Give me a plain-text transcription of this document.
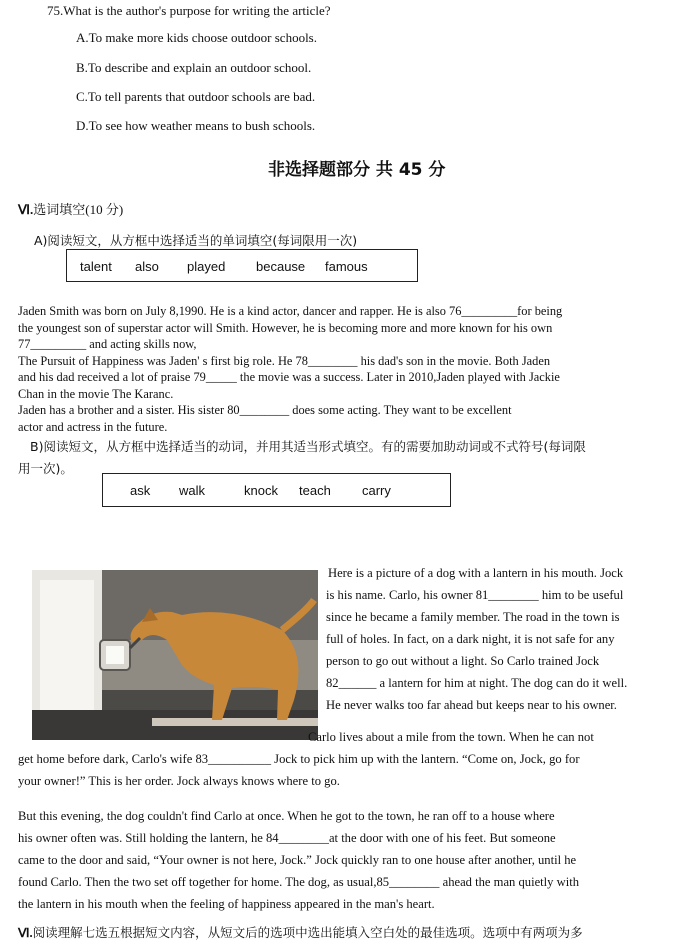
75.What is the author's purpose for writing the article?
A.To make more kids choose outdoor schools.
B.To describe and explain an outdoor school.
C.To tell parents that outdoor schools are bad.
D.To see how weather means to bush schools.
非选择题部分 共 45 分
Ⅵ.选词填空(10 分)
A)阅读短文，从方框中选择适当的单词填空(每词限用一次)
talent also played because famous
Jaden Smith was born on July 8,1990. He is a kind actor, dancer and rapper. He is also 76_________for being
the youngest son of superstar actor will Smith. However, he is becoming more and more known for his own
77_________ and acting skills now,
The Pursuit of Happiness was Jaden' s first big role. He 78________ his dad's son in the movie. Both Jaden
and his dad received a lot of praise 79_____ the movie was a success. Later in 2010,Jaden played with Jackie
Chan in the movie The Karanc.
Jaden has a brother and a sister. His sister 80________ does some acting. They want to be excellent
actor and actress in the future.
B)阅读短文，从方框中选择适当的动词，并用其适当形式填空。有的需要加助动词或不式符号(每词限
用一次)。
ask walk	knock teach carry
Here is a picture of a dog with a lantern in his mouth. Jock
is his name. Carlo, his owner 81________ him to be useful
since he became a family member. The road in the town is
full of holes. In fact, on a dark night, it is not safe for any
person to go out without a light. So Carlo trained Jock
82______ a lantern for him at night. The dog can do it well.
He never walks too far ahead but keeps near to his owner.
Carlo lives about a mile from the town. When he can not
get home before dark, Carlo's wife 83__________ Jock to pick him up with the lantern. “Come on, Jock, go for
your owner!” This is her order. Jock always knows where to go.
But this evening, the dog couldn't find Carlo at once. When he got to the town, he ran off to a house where
his owner often was. Still holding the lantern, he 84________at the door with one of his feet. But someone
came to the door and said, “Your owner is not here, Jock.” Jock quickly ran to one house after another, until he
found Carlo. Then the two set off together for home. The dog, as usual,85________ ahead the man quietly with
the lantern in his mouth when the feeling of happiness appeared in the man's heart.
Ⅵ.阅读理解七选五根据短文内容，从短文后的选项中选出能填入空白处的最佳选项。选项中有两项为多
